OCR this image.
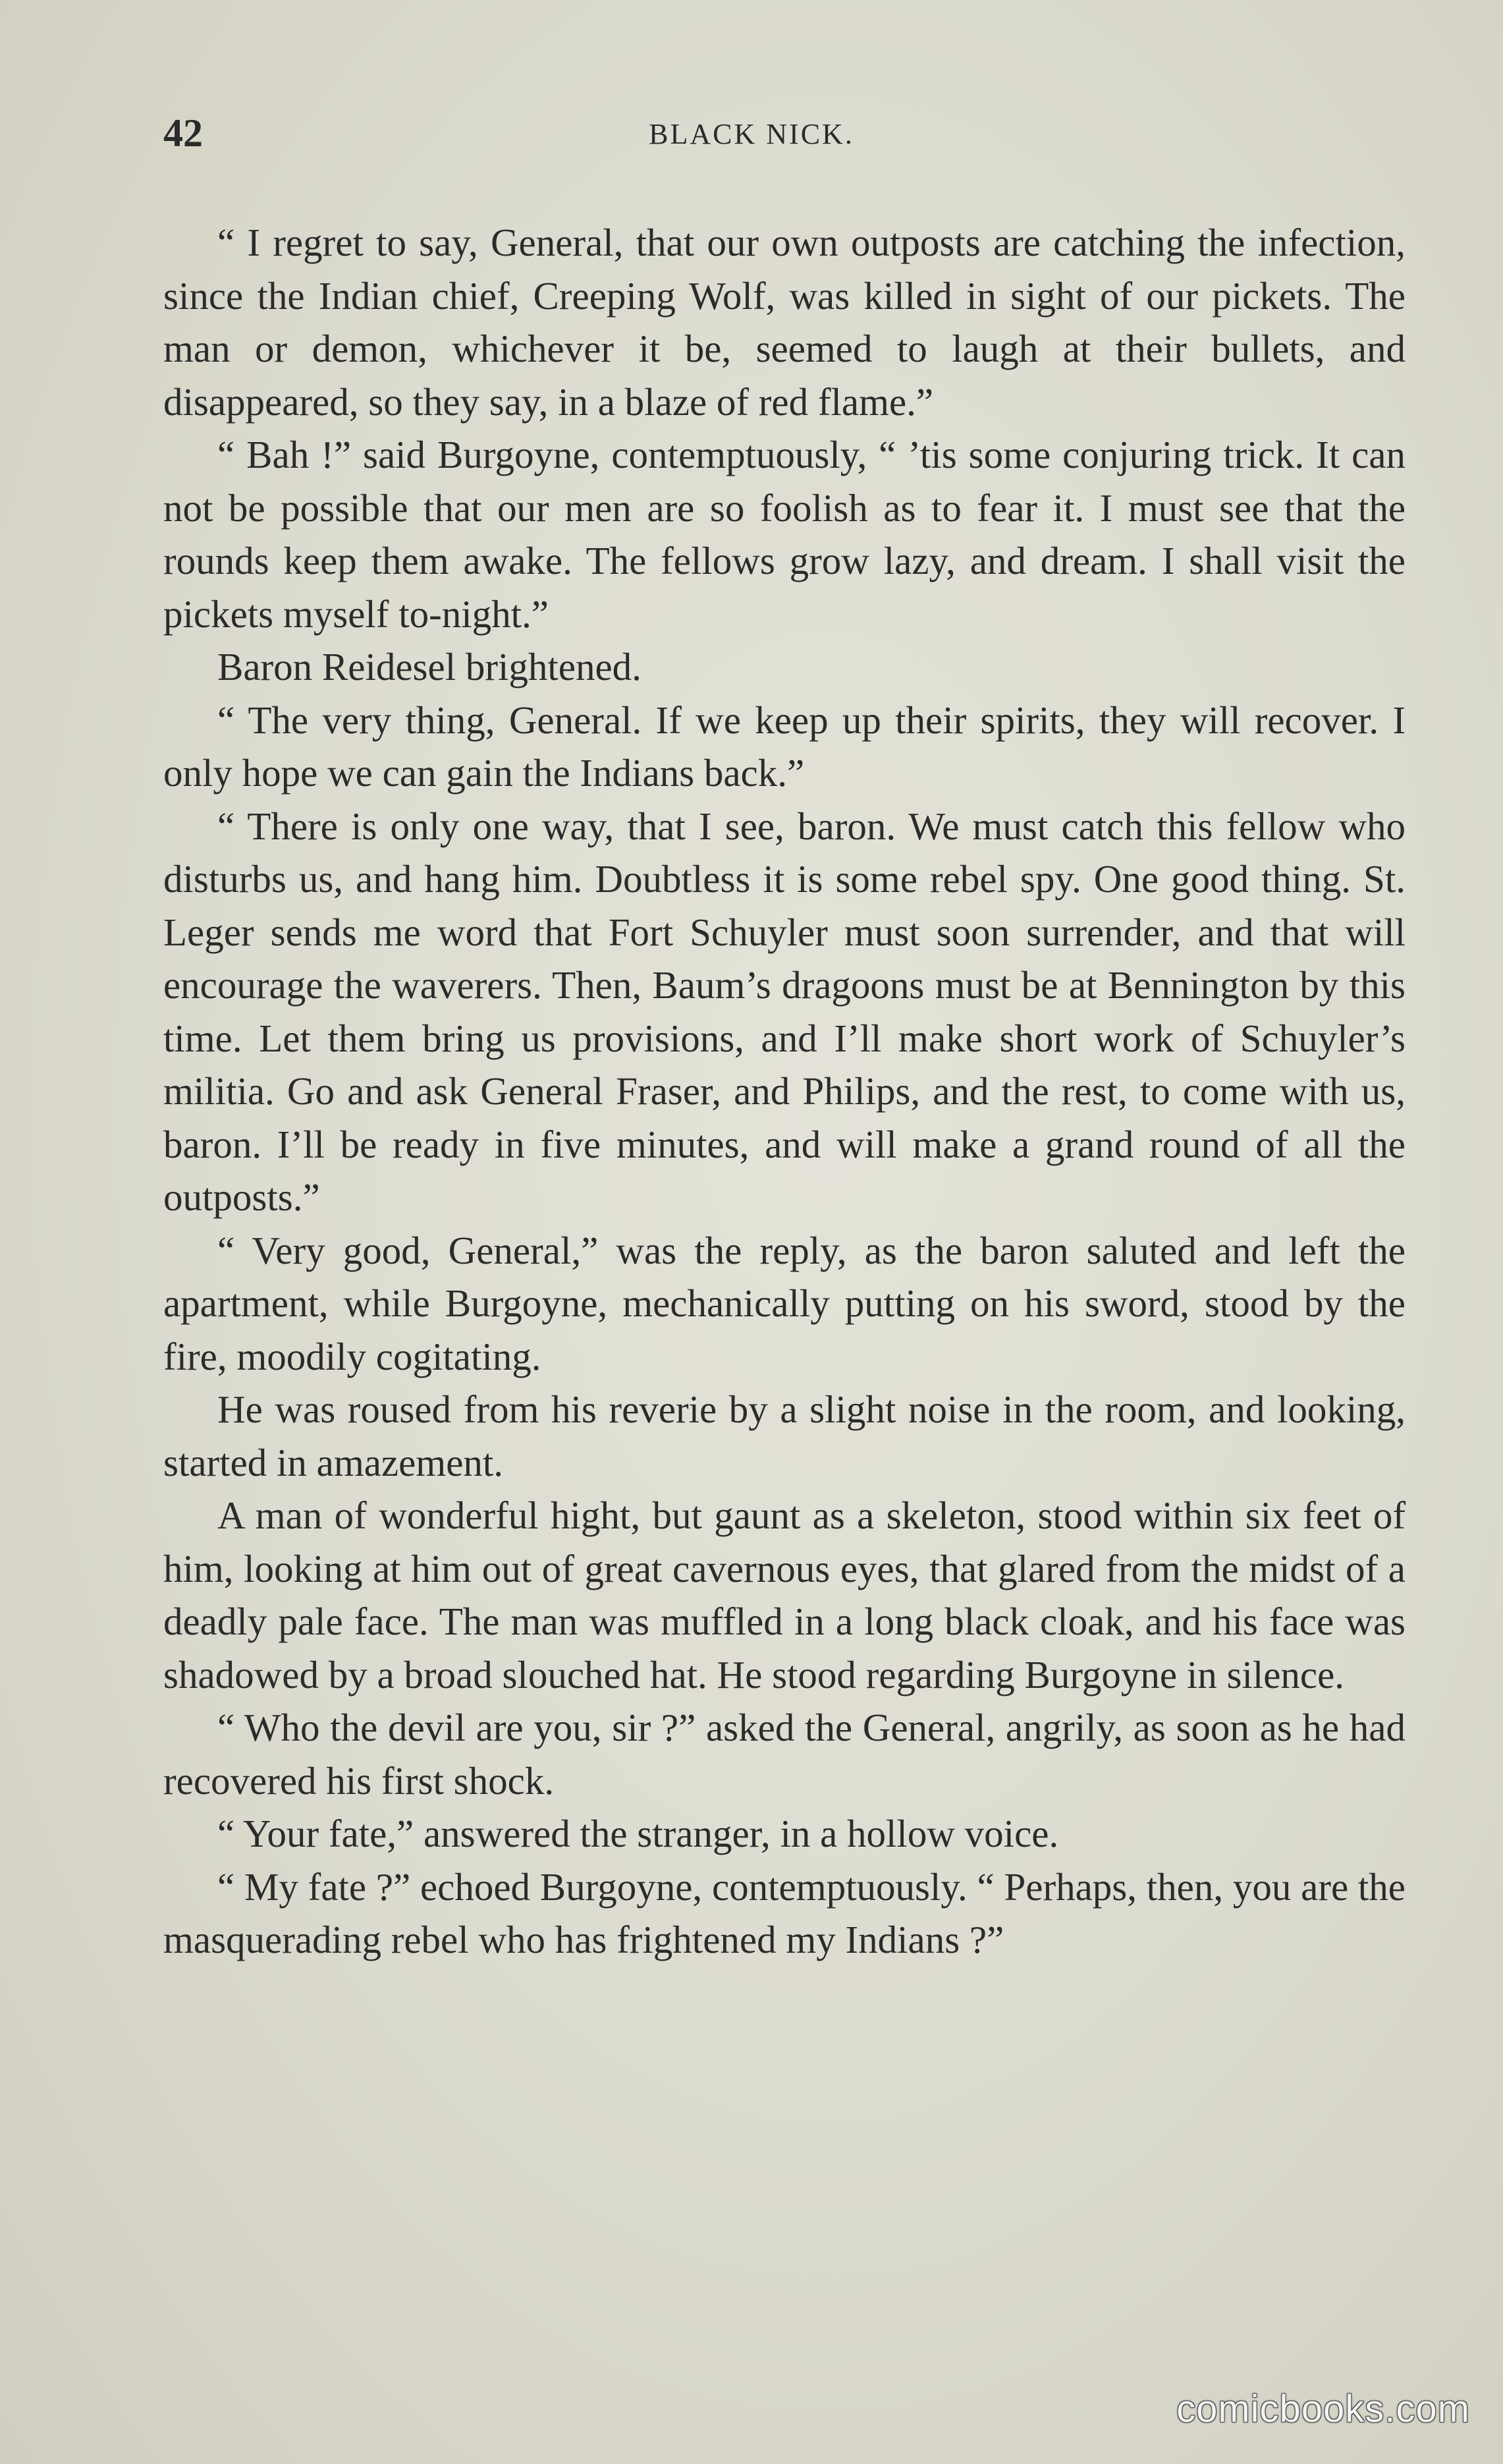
42	BLACK NICK.

“ I regret to say, General, that our own outposts are catching the infection, since the Indian chief, Creeping Wolf, was killed in sight of our pickets. The man or demon, whichever it be, seemed to laugh at their bullets, and disappeared, so they say, in a blaze of red flame.”

“ Bah !” said Burgoyne, contemptuously, “ ’tis some conjuring trick. It can not be possible that our men are so foolish as to fear it. I must see that the rounds keep them awake. The fellows grow lazy, and dream. I shall visit the pickets myself to-night.”

Baron Reidesel brightened.

“ The very thing, General. If we keep up their spirits, they will recover. I only hope we can gain the Indians back.”

“ There is only one way, that I see, baron. We must catch this fellow who disturbs us, and hang him. Doubtless it is some rebel spy. One good thing. St. Leger sends me word that Fort Schuyler must soon surrender, and that will encourage the waverers. Then, Baum’s dragoons must be at Bennington by this time. Let them bring us provisions, and I’ll make short work of Schuyler’s militia. Go and ask General Fraser, and Philips, and the rest, to come with us, baron. I’ll be ready in five minutes, and will make a grand round of all the outposts.”

“ Very good, General,” was the reply, as the baron saluted and left the apartment, while Burgoyne, mechanically putting on his sword, stood by the fire, moodily cogitating.

He was roused from his reverie by a slight noise in the room, and looking, started in amazement.

A man of wonderful hight, but gaunt as a skeleton, stood within six feet of him, looking at him out of great cavernous eyes, that glared from the midst of a deadly pale face. The man was muffled in a long black cloak, and his face was shadowed by a broad slouched hat. He stood regarding Burgoyne in silence.

“ Who the devil are you, sir ?” asked the General, angrily, as soon as he had recovered his first shock.

“ Your fate,” answered the stranger, in a hollow voice.

“ My fate ?” echoed Burgoyne, contemptuously. “ Perhaps, then, you are the masquerading rebel who has frightened my Indians ?”

comicbooks.com
